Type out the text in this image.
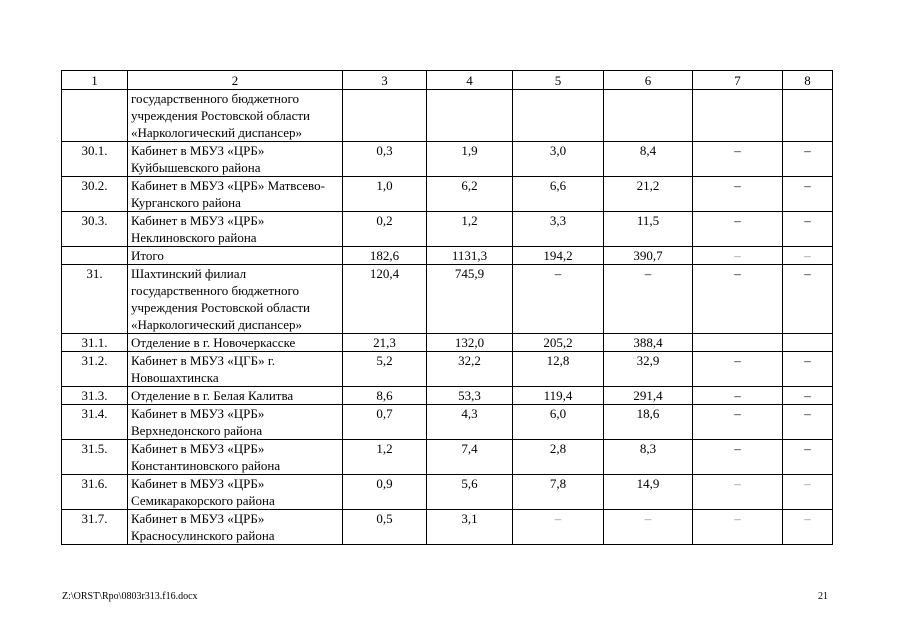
1	2	3	4	5	6	7	8
	государственного бюджетного учреждения Ростовской области «Наркологический диспансер»						
30.1.	Кабинет в МБУЗ «ЦРБ» Куйбышевского района	0,3	1,9	3,0	8,4	–	–
30.2.	Кабинет в МБУЗ «ЦРБ» Матвсево-Курганского района	1,0	6,2	6,6	21,2	–	–
30.3.	Кабинет в МБУЗ «ЦРБ» Неклиновского района	0,2	1,2	3,3	11,5	–	–
	Итого	182,6	1131,3	194,2	390,7	–	–
31.	Шахтинский филиал государственного бюджетного учреждения Ростовской области «Наркологический диспансер»	120,4	745,9	–	–	–	–
31.1.	Отделение в г. Новочеркасске	21,3	132,0	205,2	388,4		
31.2.	Кабинет в МБУЗ «ЦГБ» г. Новошахтинска	5,2	32,2	12,8	32,9	–	–
31.3.	Отделение в г. Белая Калитва	8,6	53,3	119,4	291,4	–	–
31.4.	Кабинет в МБУЗ «ЦРБ» Верхнедонского района	0,7	4,3	6,0	18,6	–	–
31.5.	Кабинет в МБУЗ «ЦРБ» Константиновского района	1,2	7,4	2,8	8,3	–	–
31.6.	Кабинет в МБУЗ «ЦРБ» Семикаракорского района	0,9	5,6	7,8	14,9	–	–
31.7.	Кабинет в МБУЗ «ЦРБ» Красносулинского района	0,5	3,1	–	–	–	–
Z:\ORST\Rpo\0803r313.f16.docx	21
